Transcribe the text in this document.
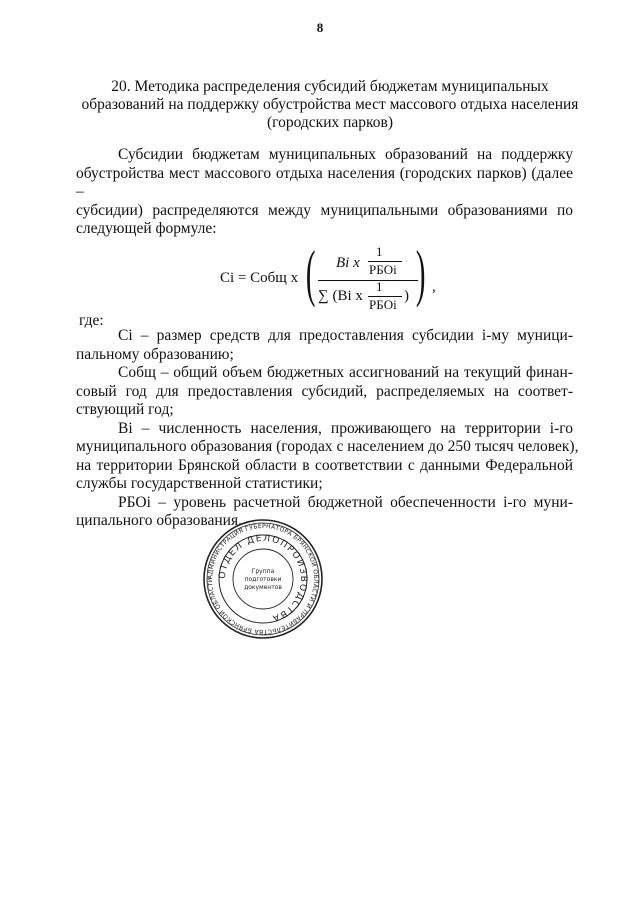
8
20. Методика распределения субсидий бюджетам муниципальных
образований на поддержку обустройства мест массового отдыха населения
(городских парков)
Субсидии бюджетам муниципальных образований на поддержку
обустройства мест массового отдыха населения (городских парков) (далее –
субсидии) распределяются между муниципальными образованиями по
следующей формуле:
Ci = Cобщ x ( Bi x
1
РБOi
∑ (Bi x
1
РБOi
) ) ,
где:
Ci – размер средств для предоставления субсидии i-му муници-
пальному образованию;
Cобщ – общий объем бюджетных ассигнований на текущий финан-
совый год для предоставления субсидий, распределяемых на соответ-
ствующий год;
Bi – численность населения, проживающего на территории i-го
муниципального образования (городах с населением до 250 тысяч человек),
на территории Брянской области в соответствии с данными Федеральной
службы государственной статистики;
РБОi – уровень расчетной бюджетной обеспеченности i-го муни-
ципального образования.
АДМИНИСТРАЦИЯ ГУБЕРНАТОРА БРЯНСКОЙ ОБЛАСТИ И ПРАВИТЕЛЬСТВА БРЯНСКОЙ ОБЛАСТИ
ОТДЕЛ ДЕЛОПРОИЗВОДСТВА
Группа
подготовки
документов
